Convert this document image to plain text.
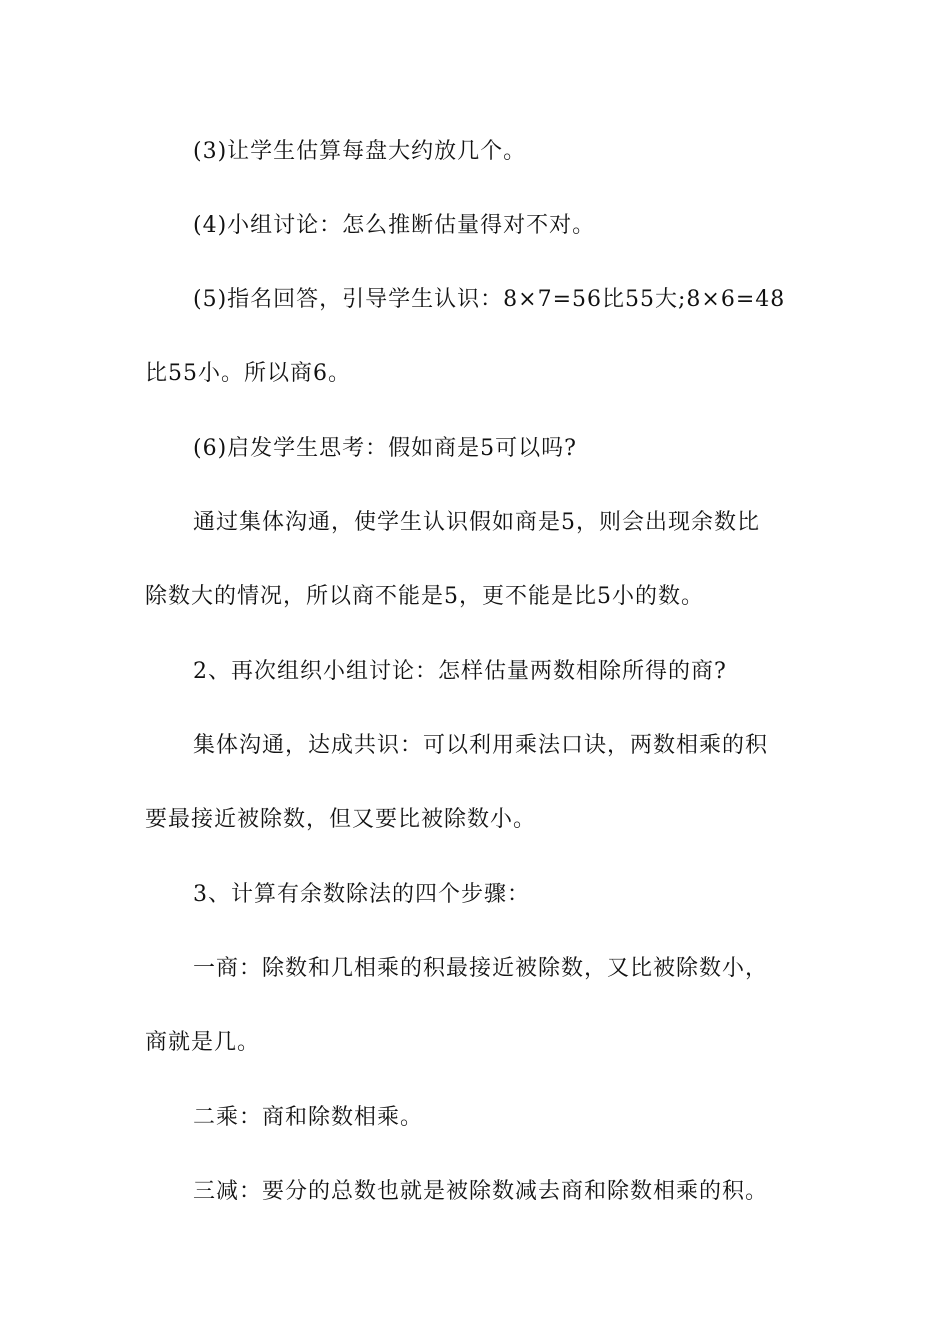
(3)让学生估算每盘大约放几个。
(4)小组讨论：怎么推断估量得对不对。
(5)指名回答，引导学生认识：8×7=56比55大;8×6=48
比55小。所以商6。
(6)启发学生思考：假如商是5可以吗?
通过集体沟通，使学生认识假如商是5，则会出现余数比
除数大的情况，所以商不能是5，更不能是比5小的数。
2、再次组织小组讨论：怎样估量两数相除所得的商?
集体沟通，达成共识：可以利用乘法口诀，两数相乘的积
要最接近被除数，但又要比被除数小。
3、计算有余数除法的四个步骤：
一商：除数和几相乘的积最接近被除数，又比被除数小，
商就是几。
二乘：商和除数相乘。
三减：要分的总数也就是被除数减去商和除数相乘的积。
